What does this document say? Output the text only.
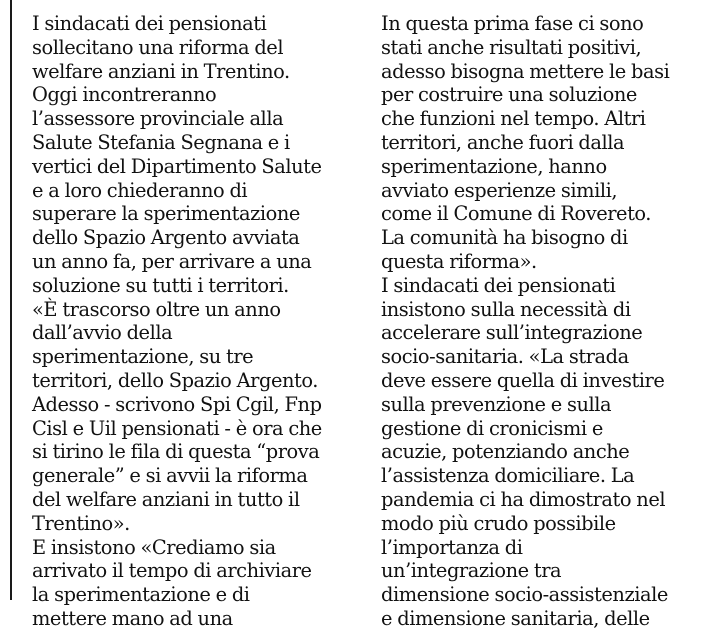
I sindacati dei pensionati
sollecitano una riforma del
welfare anziani in Trentino.
Oggi incontreranno
l’assessore provinciale alla
Salute Stefania Segnana e i
vertici del Dipartimento Salute
e a loro chiederanno di
superare la sperimentazione
dello Spazio Argento avviata
un anno fa, per arrivare a una
soluzione su tutti i territori.
«È trascorso oltre un anno
dall’avvio della
sperimentazione, su tre
territori, dello Spazio Argento.
Adesso - scrivono Spi Cgil, Fnp
Cisl e Uil pensionati - è ora che
si tirino le fila di questa “prova
generale” e si avvii la riforma
del welfare anziani in tutto il
Trentino».
E insistono «Crediamo sia
arrivato il tempo di archiviare
la sperimentazione e di
mettere mano ad una
In questa prima fase ci sono
stati anche risultati positivi,
adesso bisogna mettere le basi
per costruire una soluzione
che funzioni nel tempo. Altri
territori, anche fuori dalla
sperimentazione, hanno
avviato esperienze simili,
come il Comune di Rovereto.
La comunità ha bisogno di
questa riforma».
I sindacati dei pensionati
insistono sulla necessità di
accelerare sull’integrazione
socio-sanitaria. «La strada
deve essere quella di investire
sulla prevenzione e sulla
gestione di cronicismi e
acuzie, potenziando anche
l’assistenza domiciliare. La
pandemia ci ha dimostrato nel
modo più crudo possibile
l’importanza di
un’integrazione tra
dimensione socio-assistenziale
e dimensione sanitaria, delle
